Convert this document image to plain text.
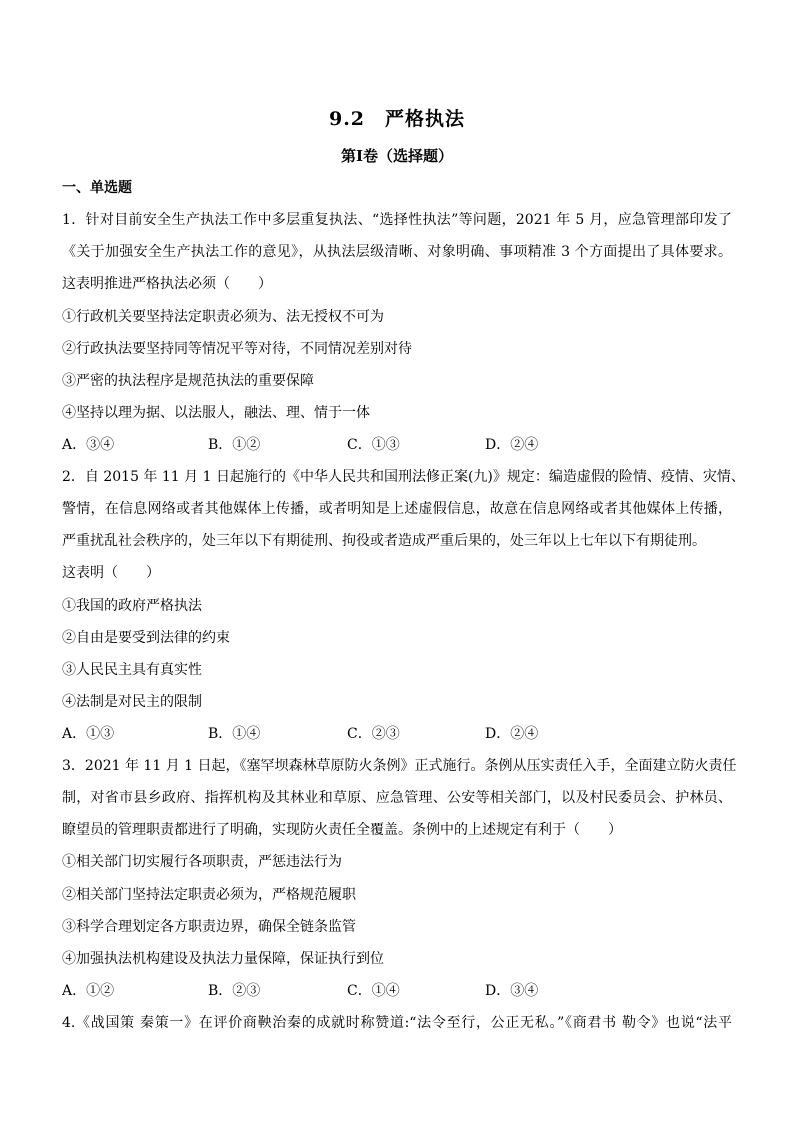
9.2　严格执法
第Ⅰ卷（选择题）
一、单选题
1．针对目前安全生产执法工作中多层重复执法、“选择性执法”等问题，2021 年 5 月，应急管理部印发了
《关于加强安全生产执法工作的意见》，从执法层级清晰、对象明确、事项精准 3 个方面提出了具体要求。
这表明推进严格执法必须（　　）
①行政机关要坚持法定职责必须为、法无授权不可为
②行政执法要坚持同等情况平等对待，不同情况差别对待
③严密的执法程序是规范执法的重要保障
④坚持以理为据、以法服人，融法、理、情于一体
A．③④	B．①②	C．①③	D．②④
2．自 2015 年 11 月 1 日起施行的《中华人民共和国刑法修正案(九)》规定：编造虚假的险情、疫情、灾情、
警情，在信息网络或者其他媒体上传播，或者明知是上述虚假信息，故意在信息网络或者其他媒体上传播，
严重扰乱社会秩序的，处三年以下有期徒刑、拘役或者造成严重后果的，处三年以上七年以下有期徒刑。
这表明（　　）
①我国的政府严格执法
②自由是要受到法律的约束
③人民民主具有真实性
④法制是对民主的限制
A．①③	B．①④	C．②③	D．②④
3．2021 年 11 月 1 日起，《塞罕坝森林草原防火条例》正式施行。条例从压实责任入手，全面建立防火责任
制，对省市县乡政府、指挥机构及其林业和草原、应急管理、公安等相关部门，以及村民委员会、护林员、
瞭望员的管理职责都进行了明确，实现防火责任全覆盖。条例中的上述规定有利于（　　）
①相关部门切实履行各项职责，严惩违法行为
②相关部门坚持法定职责必须为，严格规范履职
③科学合理划定各方职责边界，确保全链条监管
④加强执法机构建设及执法力量保障，保证执行到位
A．①②	B．②③	C．①④	D．③④
4.《战国策 秦策一》在评价商鞅治秦的成就时称赞道:“法令至行，公正无私。”《商君书 勒令》也说“法平
